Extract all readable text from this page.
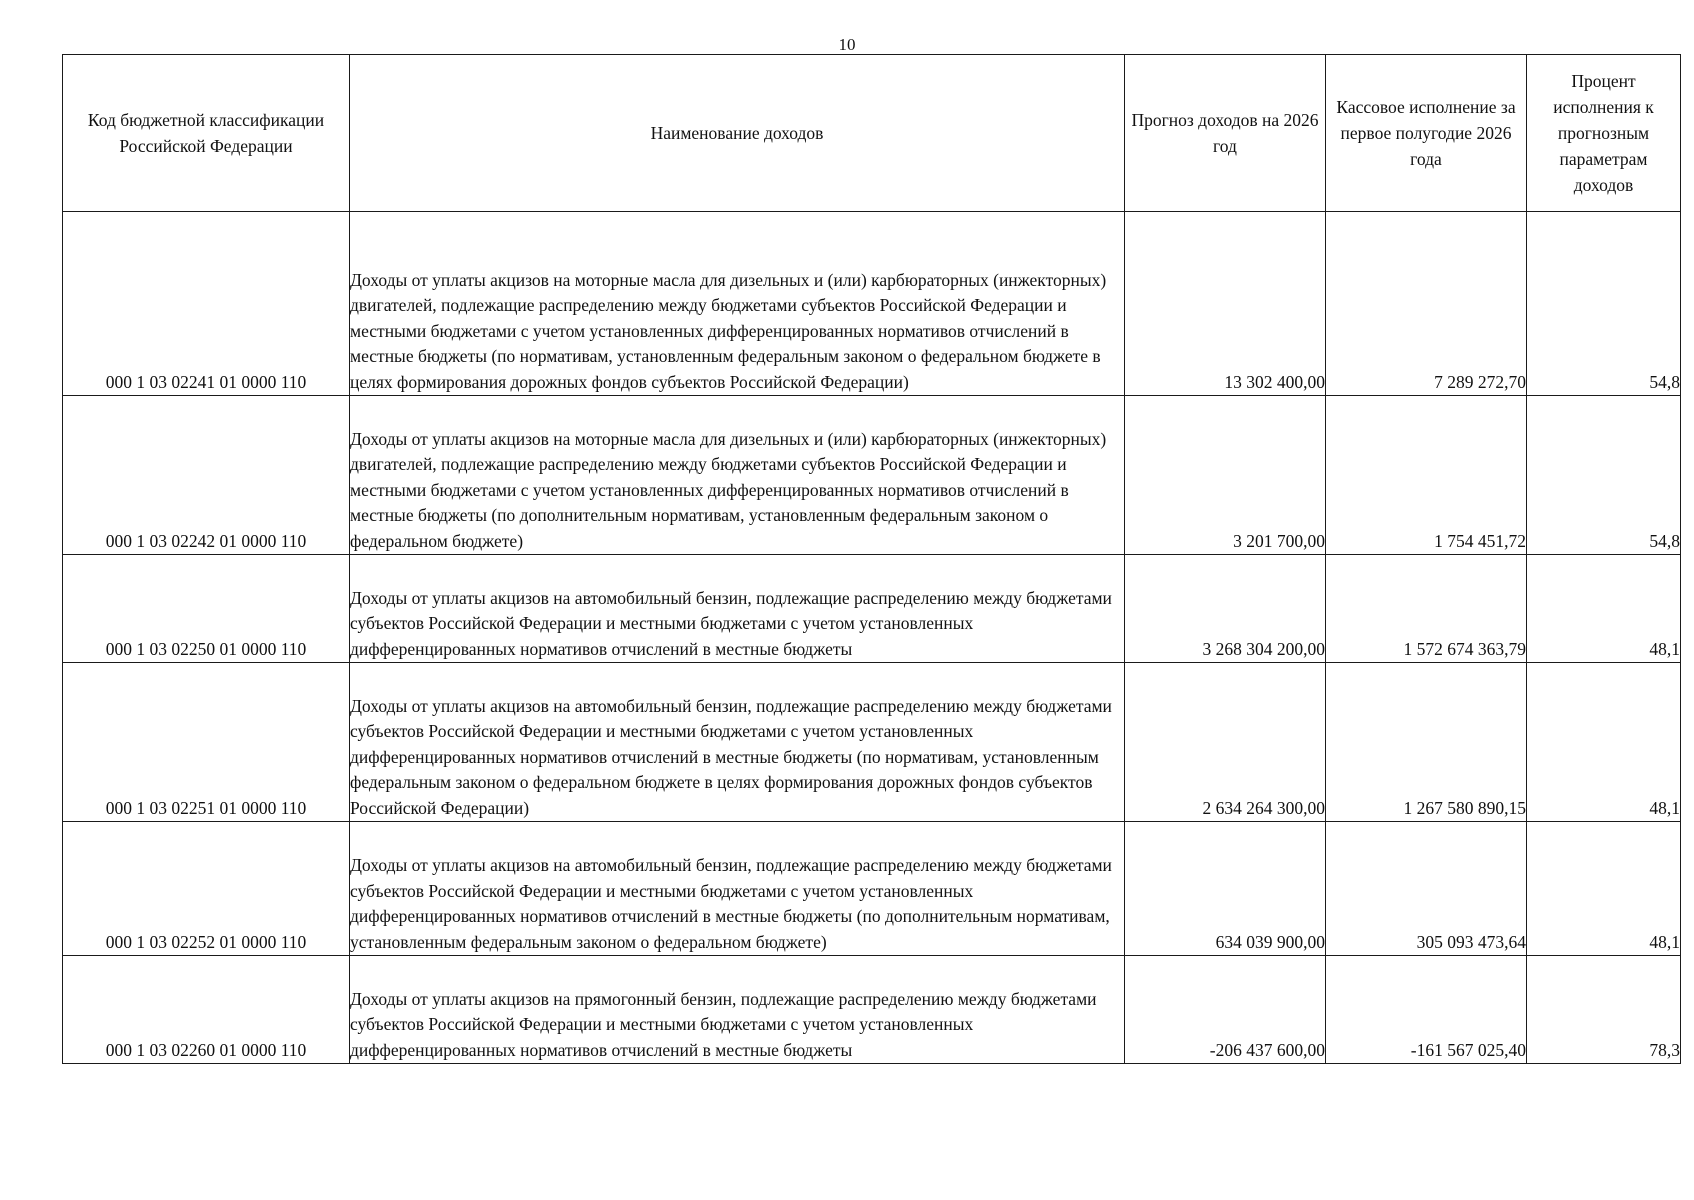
10
Код бюджетной классификации Российской Федерации	Наименование доходов	Прогноз доходов на 2026 год	Кассовое исполнение за первое полугодие 2026 года	Процент исполнения к прогнозным параметрам доходов
000 1 03 02241 01 0000 110	Доходы от уплаты акцизов на моторные масла для дизельных и (или) карбюраторных (инжекторных) двигателей, подлежащие распределению между бюджетами субъектов Российской Федерации и местными бюджетами с учетом установленных дифференцированных нормативов отчислений в местные бюджеты (по нормативам, установленным федеральным законом о федеральном бюджете в целях формирования дорожных фондов субъектов Российской Федерации)	13 302 400,00	7 289 272,70	54,8
000 1 03 02242 01 0000 110	Доходы от уплаты акцизов на моторные масла для дизельных и (или) карбюраторных (инжекторных) двигателей, подлежащие распределению между бюджетами субъектов Российской Федерации и местными бюджетами с учетом установленных дифференцированных нормативов отчислений в местные бюджеты (по дополнительным нормативам, установленным федеральным законом о федеральном бюджете)	3 201 700,00	1 754 451,72	54,8
000 1 03 02250 01 0000 110	Доходы от уплаты акцизов на автомобильный бензин, подлежащие распределению между бюджетами субъектов Российской Федерации и местными бюджетами с учетом установленных дифференцированных нормативов отчислений в местные бюджеты	3 268 304 200,00	1 572 674 363,79	48,1
000 1 03 02251 01 0000 110	Доходы от уплаты акцизов на автомобильный бензин, подлежащие распределению между бюджетами субъектов Российской Федерации и местными бюджетами с учетом установленных дифференцированных нормативов отчислений в местные бюджеты (по нормативам, установленным федеральным законом о федеральном бюджете в целях формирования дорожных фондов субъектов Российской Федерации)	2 634 264 300,00	1 267 580 890,15	48,1
000 1 03 02252 01 0000 110	Доходы от уплаты акцизов на автомобильный бензин, подлежащие распределению между бюджетами субъектов Российской Федерации и местными бюджетами с учетом установленных дифференцированных нормативов отчислений в местные бюджеты (по дополнительным нормативам, установленным федеральным законом о федеральном бюджете)	634 039 900,00	305 093 473,64	48,1
000 1 03 02260 01 0000 110	Доходы от уплаты акцизов на прямогонный бензин, подлежащие распределению между бюджетами субъектов Российской Федерации и местными бюджетами с учетом установленных дифференцированных нормативов отчислений в местные бюджеты	-206 437 600,00	-161 567 025,40	78,3
